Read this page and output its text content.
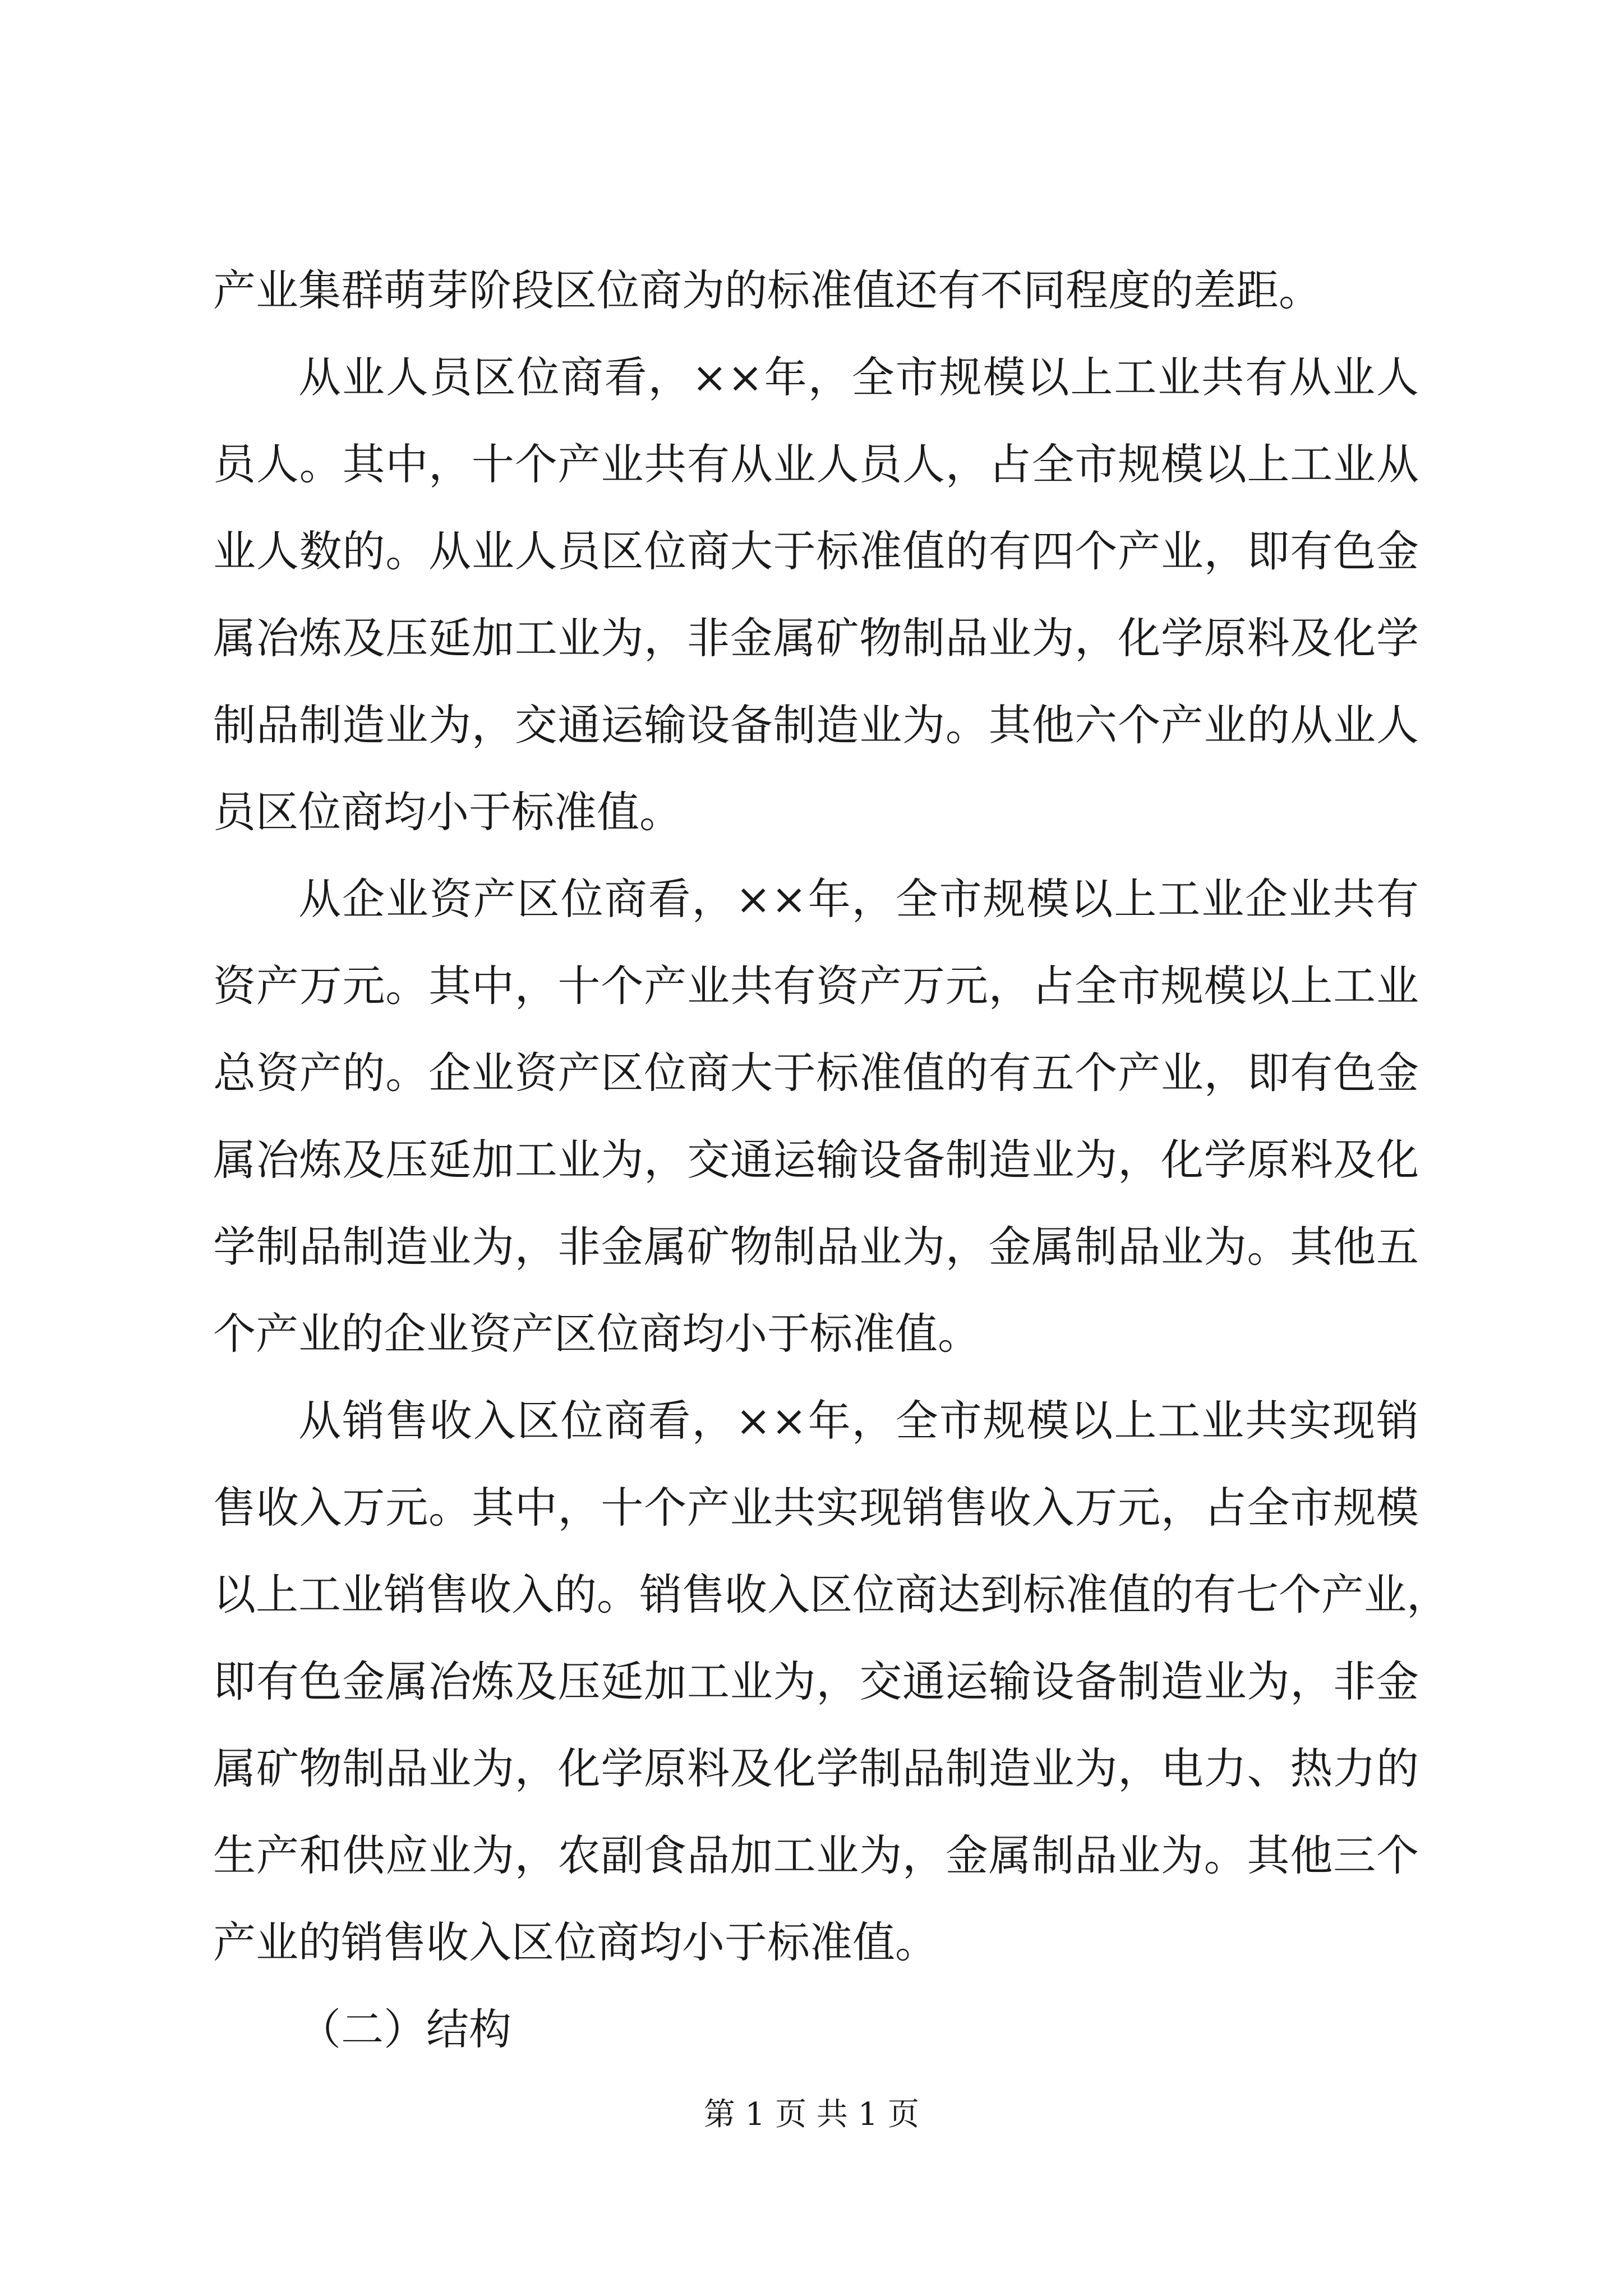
产业集群萌芽阶段区位商为的标准值还有不同程度的差距。
从业人员区位商看，××年，全市规模以上工业共有从业人
员人。其中，十个产业共有从业人员人，占全市规模以上工业从
业人数的。从业人员区位商大于标准值的有四个产业，即有色金
属冶炼及压延加工业为，非金属矿物制品业为，化学原料及化学
制品制造业为，交通运输设备制造业为。其他六个产业的从业人
员区位商均小于标准值。
从企业资产区位商看，××年，全市规模以上工业企业共有
资产万元。其中，十个产业共有资产万元，占全市规模以上工业
总资产的。企业资产区位商大于标准值的有五个产业，即有色金
属冶炼及压延加工业为，交通运输设备制造业为，化学原料及化
学制品制造业为，非金属矿物制品业为，金属制品业为。其他五
个产业的企业资产区位商均小于标准值。
从销售收入区位商看，××年，全市规模以上工业共实现销
售收入万元。其中，十个产业共实现销售收入万元，占全市规模
以上工业销售收入的。销售收入区位商达到标准值的有七个产业，
即有色金属冶炼及压延加工业为，交通运输设备制造业为，非金
属矿物制品业为，化学原料及化学制品制造业为，电力、热力的
生产和供应业为，农副食品加工业为，金属制品业为。其他三个
产业的销售收入区位商均小于标准值。
（二）结构
第 1 页 共 1 页
